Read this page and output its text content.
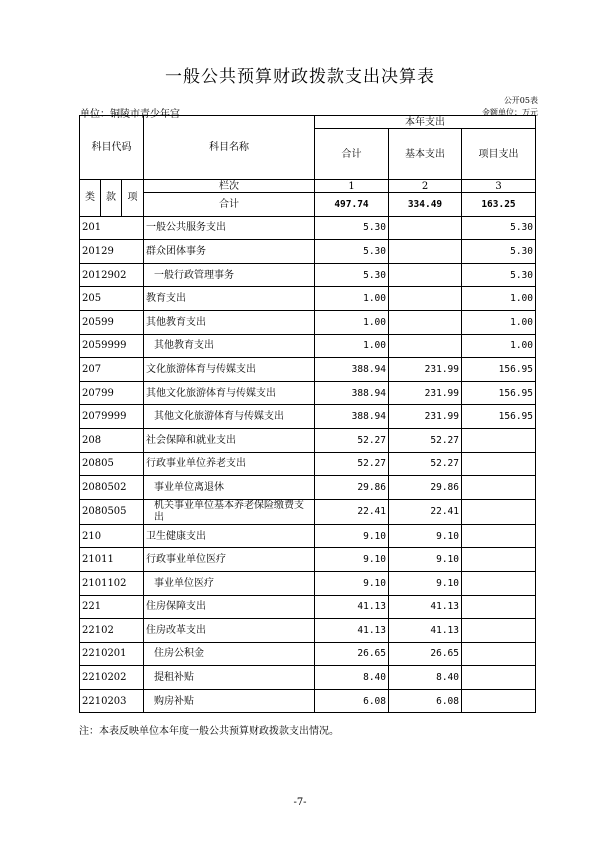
一般公共预算财政拨款支出决算表
公开05表
单位：铜陵市青少年宫	金额单位：万元
科目代码			科目名称	本年支出		
				合计	基本支出	项目支出

类	款	项	栏次	1	2	3
			合计	497.74	334.49	163.25
201			一般公共服务支出	5.30		5.30
20129			群众团体事务	5.30		5.30
2012902			一般行政管理事务	5.30		5.30
205			教育支出	1.00		1.00
20599			其他教育支出	1.00		1.00
2059999			其他教育支出	1.00		1.00
207			文化旅游体育与传媒支出	388.94	231.99	156.95
20799			其他文化旅游体育与传媒支出	388.94	231.99	156.95
2079999			其他文化旅游体育与传媒支出	388.94	231.99	156.95
208			社会保障和就业支出	52.27	52.27	
20805			行政事业单位养老支出	52.27	52.27	
2080502			事业单位离退休	29.86	29.86	
2080505			机关事业单位基本养老保险缴费支出	22.41	22.41	
210			卫生健康支出	9.10	9.10	
21011			行政事业单位医疗	9.10	9.10	
2101102			事业单位医疗	9.10	9.10	
221			住房保障支出	41.13	41.13	
22102			住房改革支出	41.13	41.13	
2210201			住房公积金	26.65	26.65	
2210202			提租补贴	8.40	8.40	
2210203			购房补贴	6.08	6.08	
注：本表反映单位本年度一般公共预算财政拨款支出情况。
-7-
